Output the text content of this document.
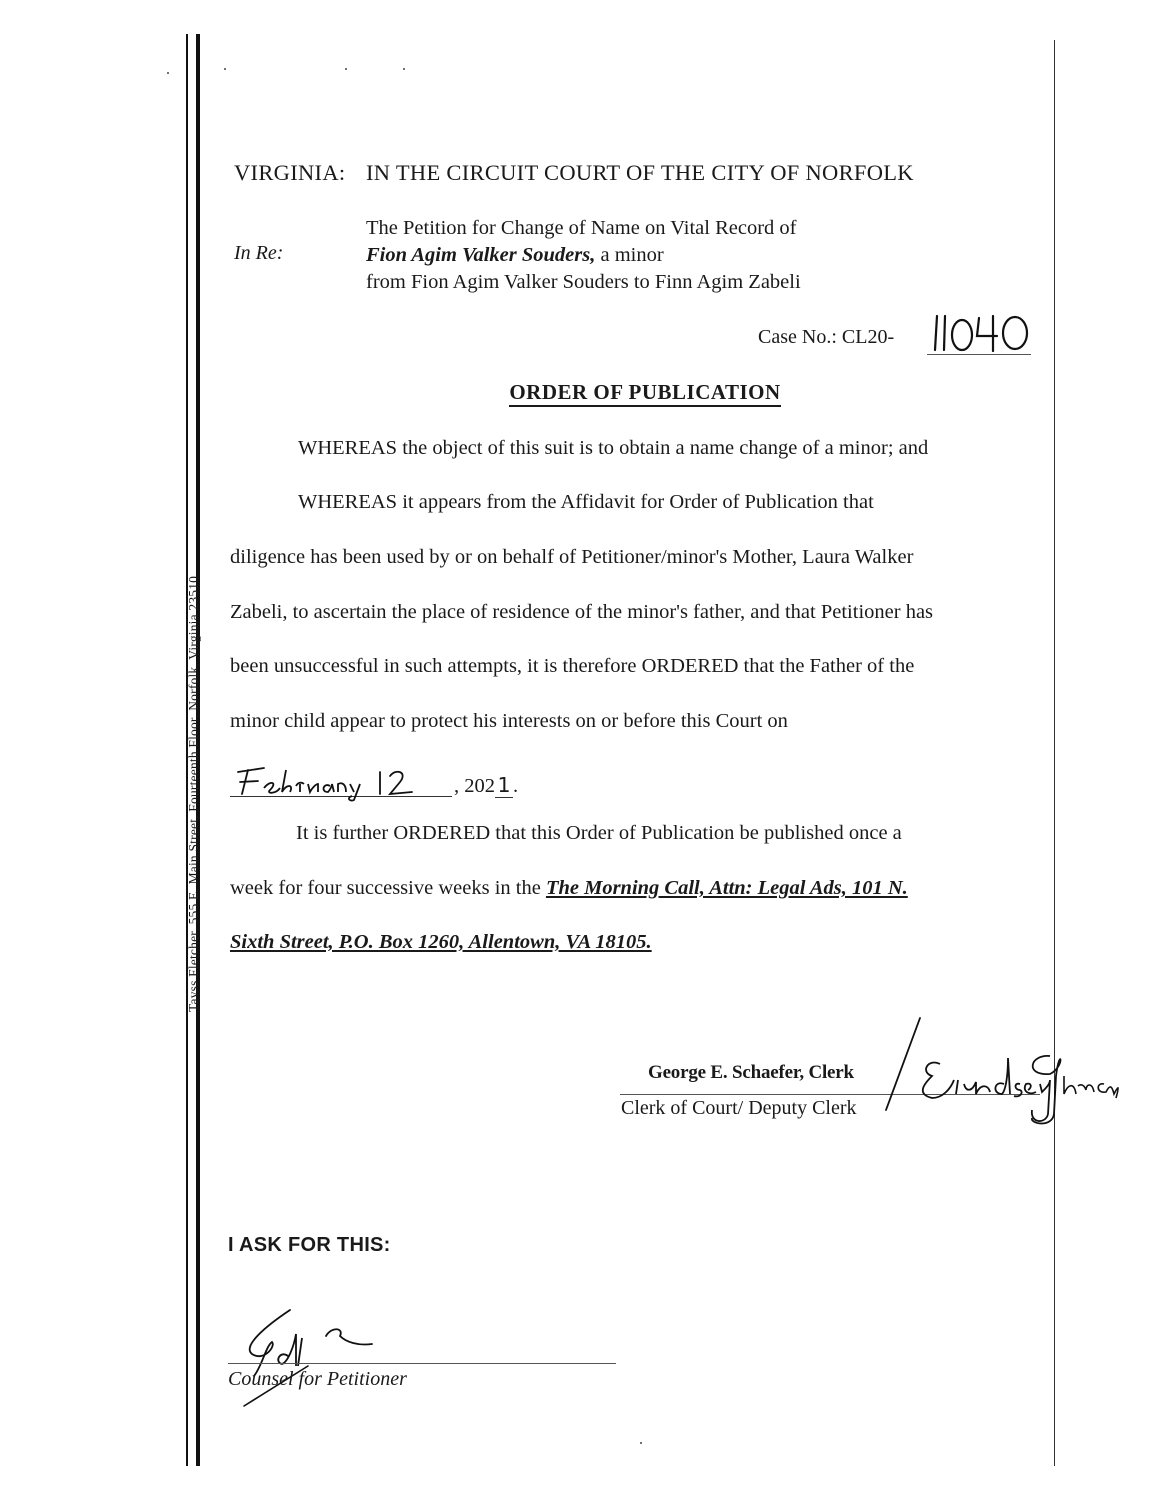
Tavss Fletcher, 555 E. Main Street, Fourteenth Floor, Norfolk, Virginia 23510
VIRGINIA: IN THE CIRCUIT COURT OF THE CITY OF NORFOLK
In Re:
The Petition for Change of Name on Vital Record of
Fion Agim Valker Souders, a minor
from Fion Agim Valker Souders to Finn Agim Zabeli
Case No.: CL20-
ORDER OF PUBLICATION
WHEREAS the object of this suit is to obtain a name change of a minor; and
WHEREAS it appears from the Affidavit for Order of Publication that
diligence has been used by or on behalf of Petitioner/minor's Mother, Laura Walker
Zabeli, to ascertain the place of residence of the minor's father, and that Petitioner has
been unsuccessful in such attempts, it is therefore ORDERED that the Father of the
minor child appear to protect his interests on or before this Court on
, 202 1 .
It is further ORDERED that this Order of Publication be published once a
week for four successive weeks in the The Morning Call, Attn: Legal Ads, 101 N.
Sixth Street, P.O. Box 1260, Allentown, VA 18105.
George E. Schaefer, Clerk
Clerk of Court/ Deputy Clerk
I ASK FOR THIS:
Counsel for Petitioner
